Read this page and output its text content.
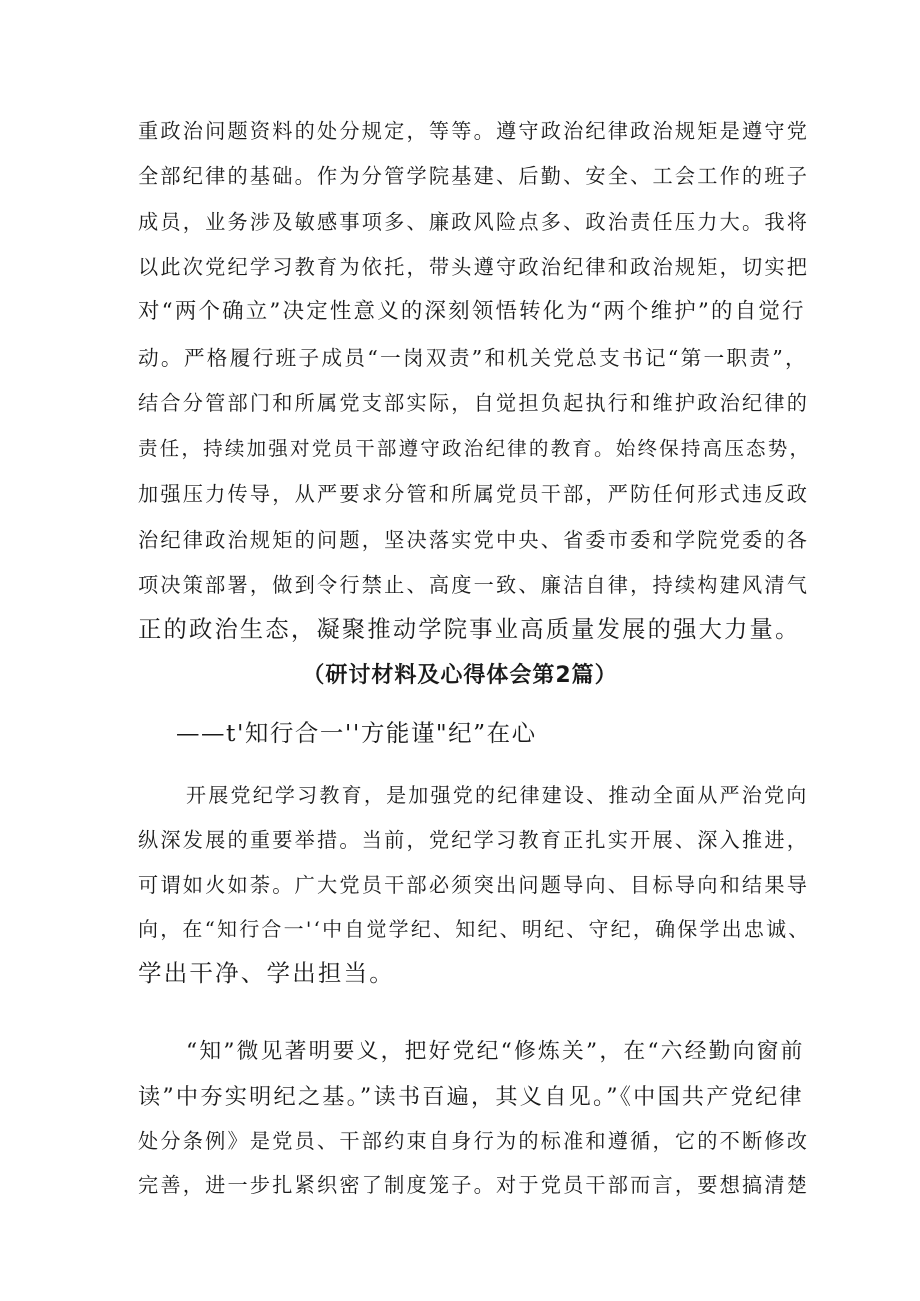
重政治问题资料的处分规定，等等。遵守政治纪律政治规矩是遵守党
全部纪律的基础。作为分管学院基建、后勤、安全、工会工作的班子
成员，业务涉及敏感事项多、廉政风险点多、政治责任压力大。我将
以此次党纪学习教育为依托，带头遵守政治纪律和政治规矩，切实把
对“两个确立”决定性意义的深刻领悟转化为“两个维护”的自觉行
动。严格履行班子成员“一岗双责”和机关党总支书记“第一职责”，
结合分管部门和所属党支部实际，自觉担负起执行和维护政治纪律的
责任，持续加强对党员干部遵守政治纪律的教育。始终保持高压态势，
加强压力传导，从严要求分管和所属党员干部，严防任何形式违反政
治纪律政治规矩的问题，坚决落实党中央、省委市委和学院党委的各
项决策部署，做到令行禁止、高度一致、廉洁自律，持续构建风清气
正的政治生态，凝聚推动学院事业高质量发展的强大力量。
（研讨材料及心得体会第2篇）
——t'知行合一''方能谨"纪”在心
开展党纪学习教育，是加强党的纪律建设、推动全面从严治党向
纵深发展的重要举措。当前，党纪学习教育正扎实开展、深入推进，
可谓如火如荼。广大党员干部必须突出问题导向、目标导向和结果导
向，在“知行合一'‘中自觉学纪、知纪、明纪、守纪，确保学出忠诚、
学出干净、学出担当。
“知”微见著明要义，把好党纪“修炼关”，在“六经勤向窗前
读”中夯实明纪之基。”读书百遍，其义自见。”《中国共产党纪律
处分条例》是党员、干部约束自身行为的标准和遵循，它的不断修改
完善，进一步扎紧织密了制度笼子。对于党员干部而言，要想搞清楚
